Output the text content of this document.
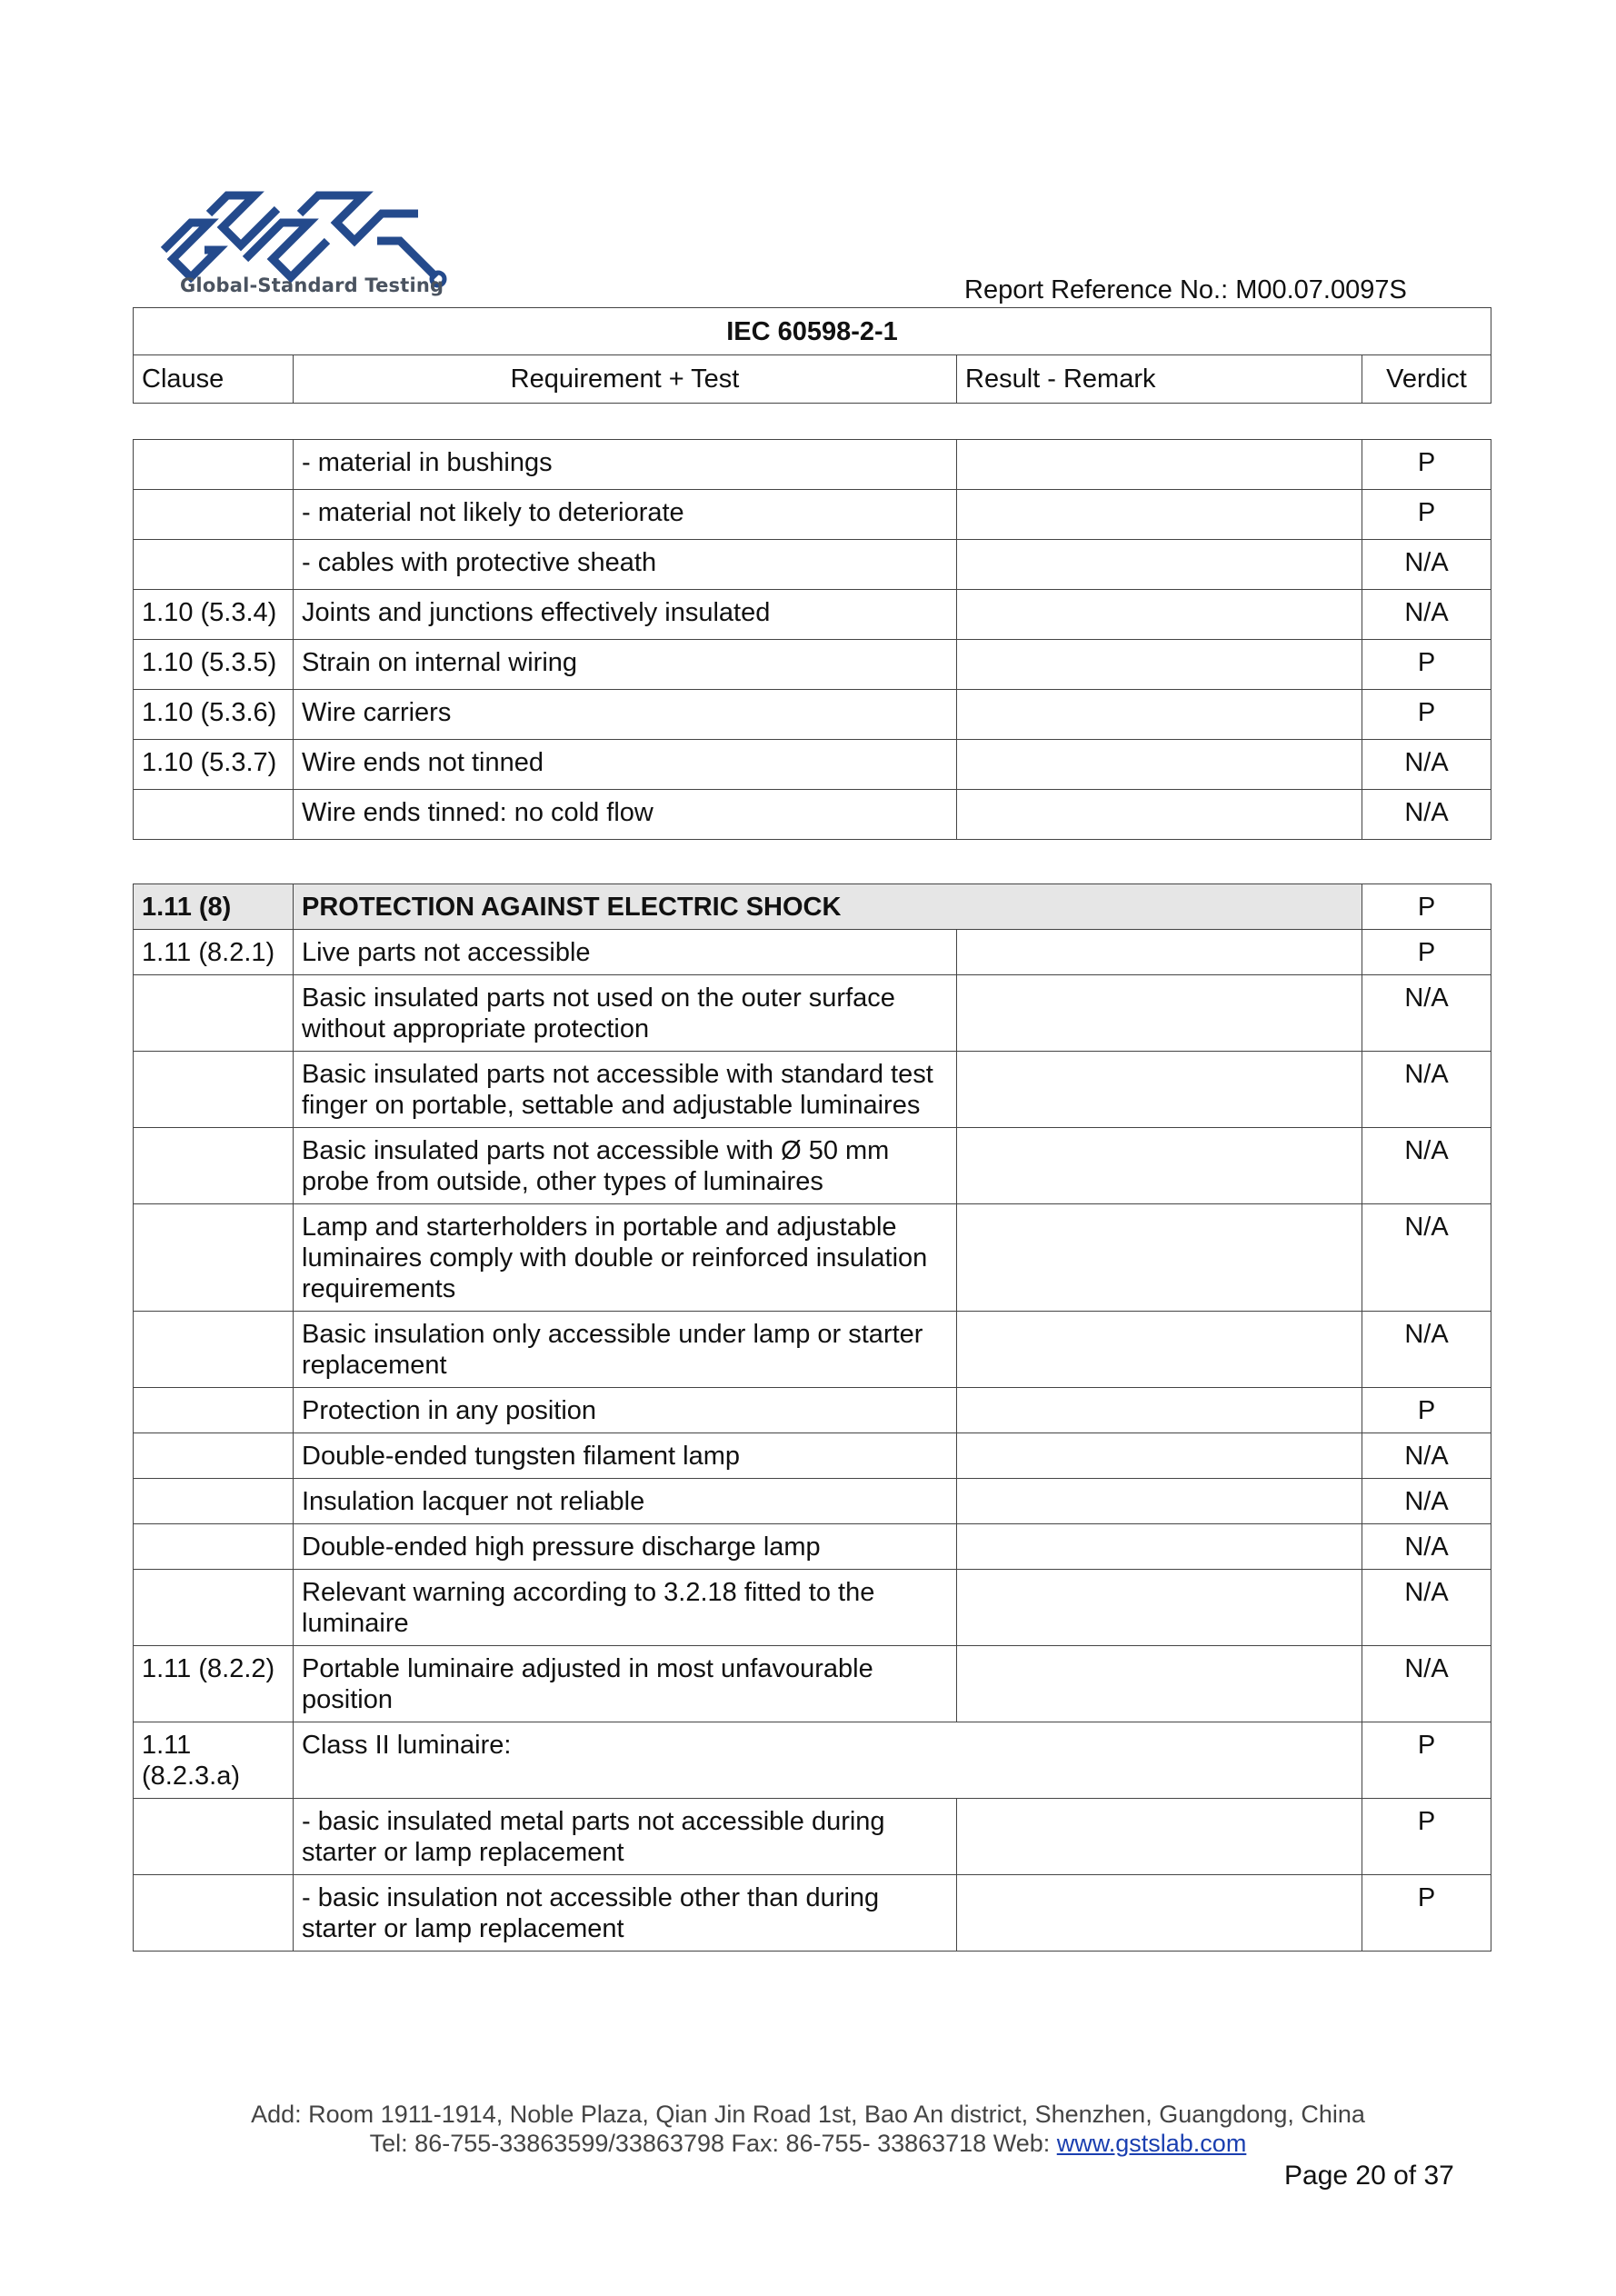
Global-Standard Testing	Report Reference No.: M00.07.0097S
IEC 60598-2-1
Clause	Requirement + Test	Result - Remark	Verdict
	- material in bushings		P
	- material not likely to deteriorate		P
	- cables with protective sheath		N/A
1.10 (5.3.4)	Joints and junctions effectively insulated		N/A
1.10 (5.3.5)	Strain on internal wiring		P
1.10 (5.3.6)	Wire carriers		P
1.10 (5.3.7)	Wire ends not tinned		N/A
	Wire ends tinned: no cold flow		N/A
1.11 (8)	PROTECTION AGAINST ELECTRIC SHOCK		P
1.11 (8.2.1)	Live parts not accessible		P
	Basic insulated parts not used on the outer surface without appropriate protection		N/A
	Basic insulated parts not accessible with standard test finger on portable, settable and adjustable luminaires		N/A
	Basic insulated parts not accessible with Ø 50 mm probe from outside, other types of luminaires		N/A
	Lamp and starterholders in portable and adjustable luminaires comply with double or reinforced insulation requirements		N/A
	Basic insulation only accessible under lamp or starter replacement		N/A
	Protection in any position		P
	Double-ended tungsten filament lamp		N/A
	Insulation lacquer not reliable		N/A
	Double-ended high pressure discharge lamp		N/A
	Relevant warning according to 3.2.18 fitted to the luminaire		N/A
1.11 (8.2.2)	Portable luminaire adjusted in most unfavourable position		N/A
1.11 (8.2.3.a)	Class II luminaire:		P
	- basic insulated metal parts not accessible during starter or lamp replacement		P
	- basic insulation not accessible other than during starter or lamp replacement		P
Add: Room 1911-1914, Noble Plaza, Qian Jin Road 1st, Bao An district, Shenzhen, Guangdong, China
Tel: 86-755-33863599/33863798 Fax: 86-755- 33863718 Web: www.gstslab.com
Page 20 of 37
